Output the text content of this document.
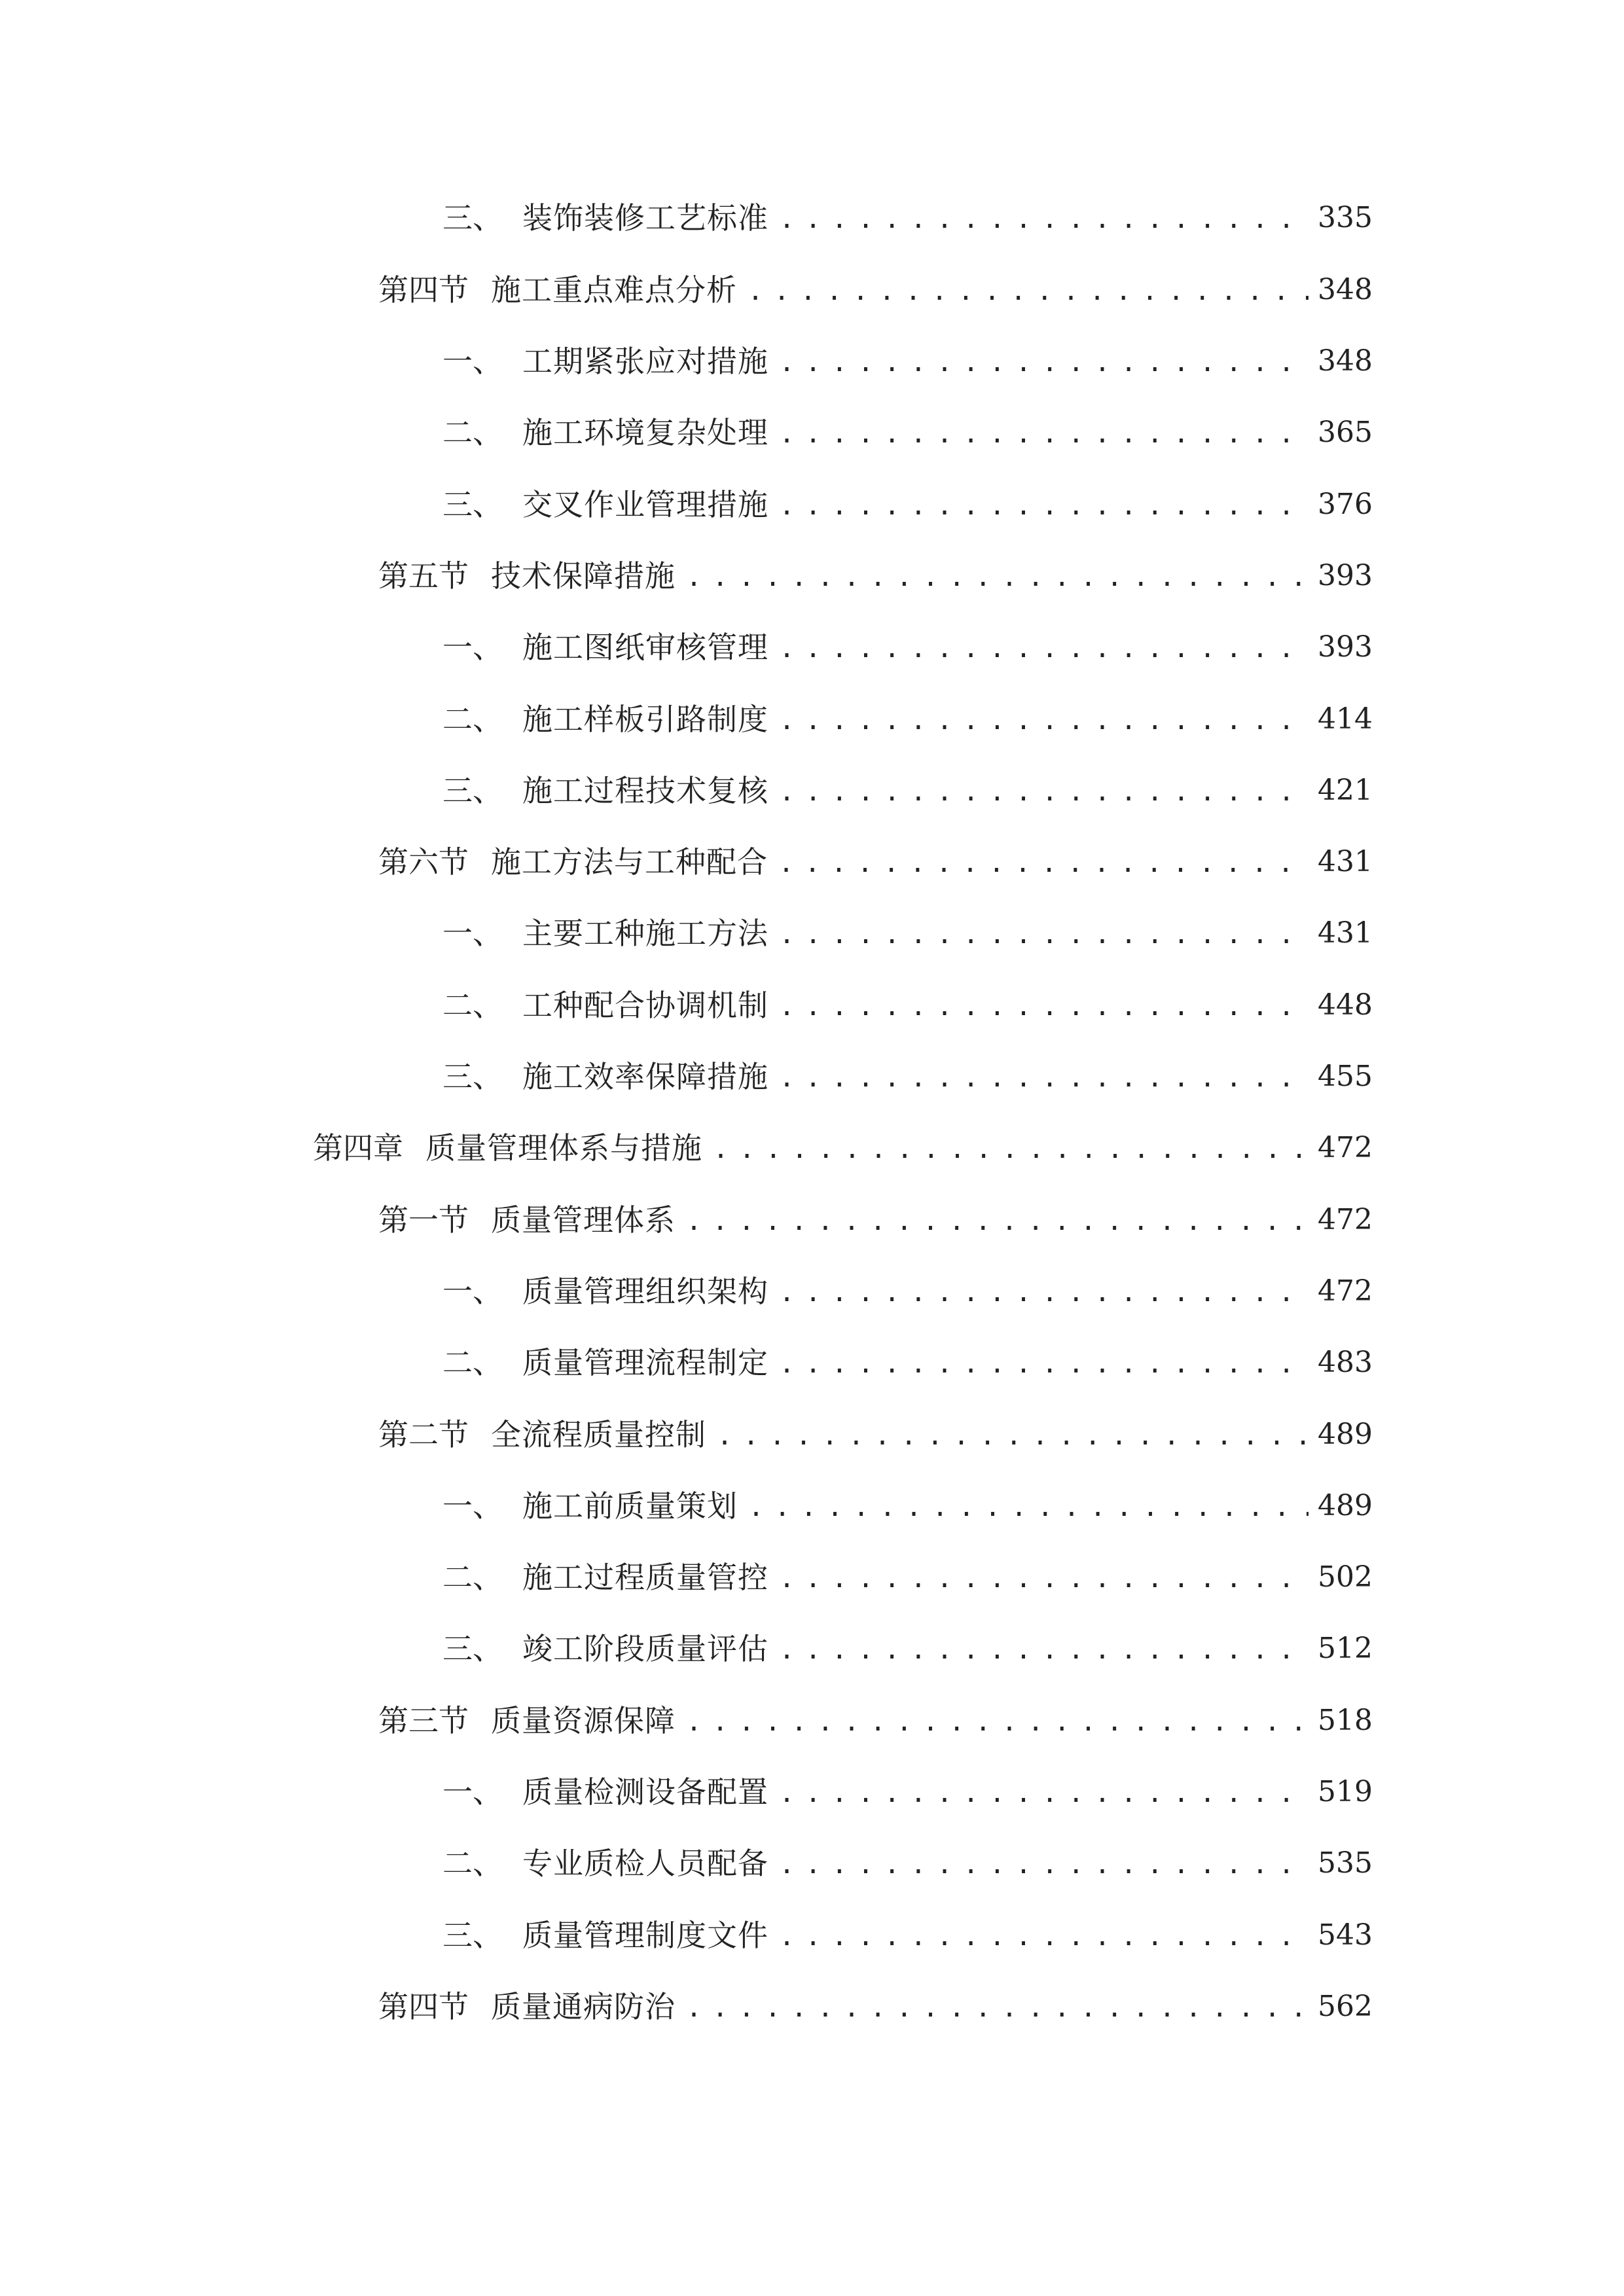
三、 装饰装修工艺标准 . . .	335
第四节 施工重点难点分析 . . .	348
一、 工期紧张应对措施 . . .	348
二、 施工环境复杂处理 . . .	365
三、 交叉作业管理措施 . . .	376
第五节 技术保障措施 . . .	393
一、 施工图纸审核管理 . . .	393
二、 施工样板引路制度 . . .	414
三、 施工过程技术复核 . . .	421
第六节 施工方法与工种配合 . . .	431
一、 主要工种施工方法 . . .	431
二、 工种配合协调机制 . . .	448
三、 施工效率保障措施 . . .	455
第四章 质量管理体系与措施 . . .	472
第一节 质量管理体系 . . .	472
一、 质量管理组织架构 . . .	472
二、 质量管理流程制定 . . .	483
第二节 全流程质量控制 . . .	489
一、 施工前质量策划 . . .	489
二、 施工过程质量管控 . . .	502
三、 竣工阶段质量评估 . . .	512
第三节 质量资源保障 . . .	518
一、 质量检测设备配置 . . .	519
二、 专业质检人员配备 . . .	535
三、 质量管理制度文件 . . .	543
第四节 质量通病防治 . . .	562
